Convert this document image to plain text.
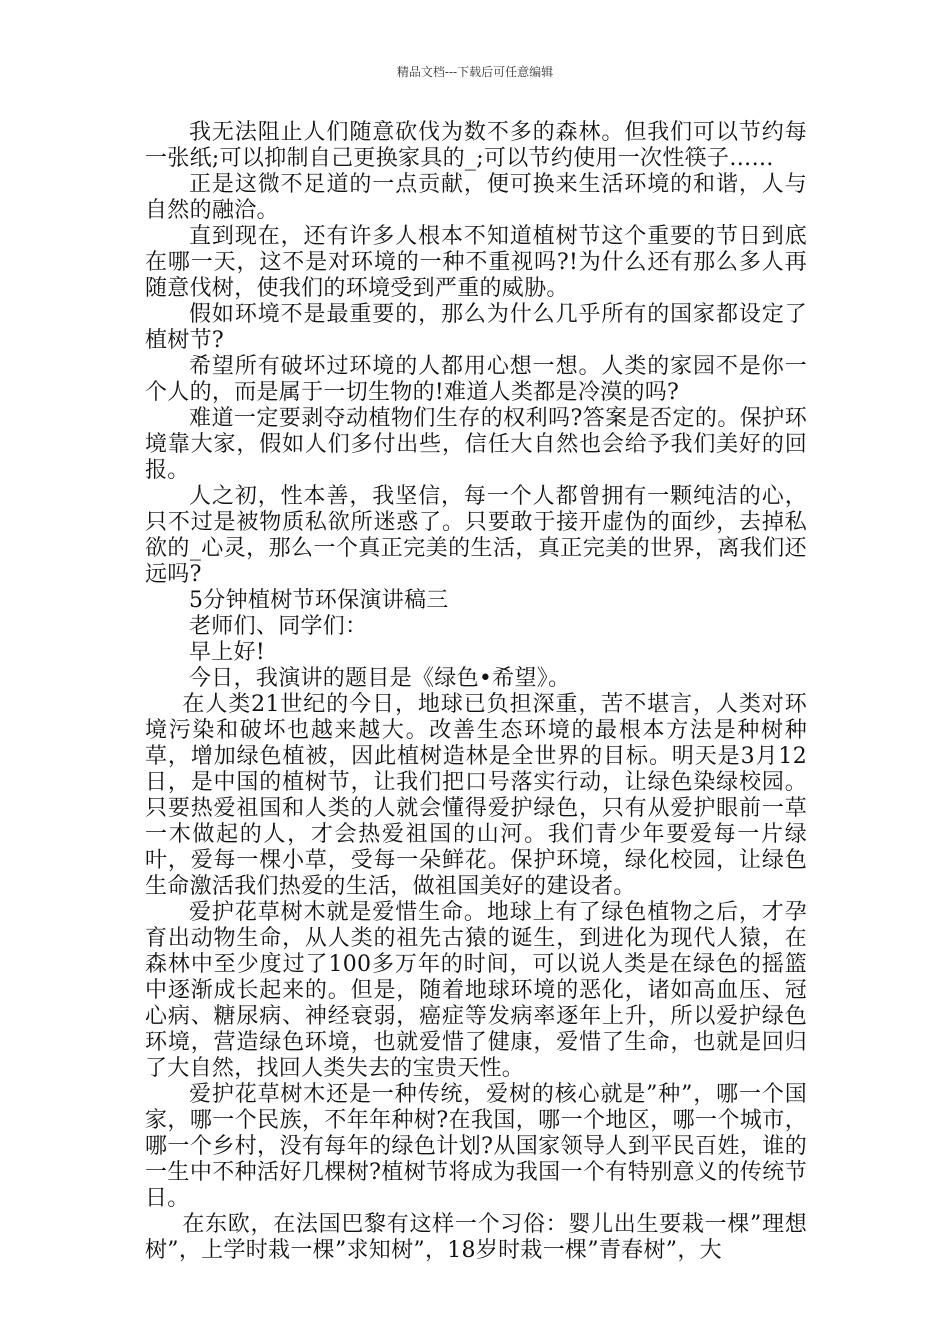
精品文档---下载后可任意编辑

我无法阻止人们随意砍伐为数不多的森林。但我们可以节约每一张纸;可以抑制自己更换家具的_;可以节约使用一次性筷子……

正是这微不足道的一点贡献，便可换来生活环境的和谐，人与自然的融洽。

直到现在，还有许多人根本不知道植树节这个重要的节日到底在哪一天，这不是对环境的一种不重视吗?!为什么还有那么多人再随意伐树，使我们的环境受到严重的威胁。

假如环境不是最重要的，那么为什么几乎所有的国家都设定了植树节?

希望所有破坏过环境的人都用心想一想。人类的家园不是你一个人的，而是属于一切生物的!难道人类都是冷漠的吗?

难道一定要剥夺动植物们生存的权利吗?答案是否定的。保护环境靠大家，假如人们多付出些，信任大自然也会给予我们美好的回报。

人之初，性本善，我坚信，每一个人都曾拥有一颗纯洁的心，只不过是被物质私欲所迷惑了。只要敢于接开虚伪的面纱，去掉私欲的_心灵，那么一个真正完美的生活，真正完美的世界，离我们还远吗?

5分钟植树节环保演讲稿三

老师们、同学们：

早上好!

今日，我演讲的题目是《绿色•希望》。

在人类21世纪的今日，地球已负担深重，苦不堪言，人类对环境污染和破坏也越来越大。改善生态环境的最根本方法是种树种草，增加绿色植被，因此植树造林是全世界的目标。明天是3月12日，是中国的植树节，让我们把口号落实行动，让绿色染绿校园。只要热爱祖国和人类的人就会懂得爱护绿色，只有从爱护眼前一草一木做起的人，才会热爱祖国的山河。我们青少年要爱每一片绿叶，爱每一棵小草，受每一朵鲜花。保护环境，绿化校园，让绿色生命激活我们热爱的生活，做祖国美好的建设者。

爱护花草树木就是爱惜生命。地球上有了绿色植物之后，才孕育出动物生命，从人类的祖先古猿的诞生，到进化为现代人猿，在森林中至少度过了100多万年的时间，可以说人类是在绿色的摇篮中逐渐成长起来的。但是，随着地球环境的恶化，诸如高血压、冠心病、糖尿病、神经衰弱，癌症等发病率逐年上升，所以爱护绿色环境，营造绿色环境，也就爱惜了健康，爱惜了生命，也就是回归了大自然，找回人类失去的宝贵天性。

爱护花草树木还是一种传统，爱树的核心就是”种”，哪一个国家，哪一个民族，不年年种树?在我国，哪一个地区，哪一个城市，哪一个乡村，没有每年的绿色计划?从国家领导人到平民百姓，谁的一生中不种活好几棵树?植树节将成为我国一个有特别意义的传统节日。

在东欧，在法国巴黎有这样一个习俗：婴儿出生要栽一棵”理想树”，上学时栽一棵”求知树”，18岁时栽一棵”青春树”，大
